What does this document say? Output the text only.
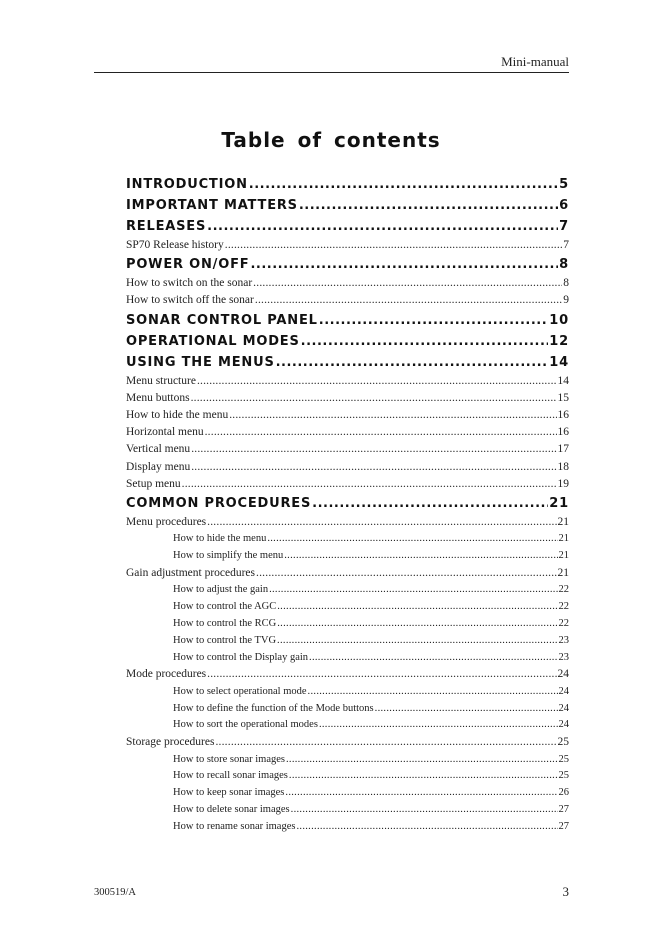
Mini-manual
Table of contents
INTRODUCTION .....	5
IMPORTANT MATTERS .....	6
RELEASES .....	7
SP70 Release history .....	7
POWER ON/OFF .....	8
How to switch on the sonar .....	8
How to switch off the sonar .....	9
SONAR CONTROL PANEL .....	10
OPERATIONAL MODES .....	12
USING THE MENUS .....	14
Menu structure .....	14
Menu buttons .....	15
How to hide the menu .....	16
Horizontal menu .....	16
Vertical menu .....	17
Display menu .....	18
Setup menu .....	19
COMMON PROCEDURES .....	21
Menu procedures .....	21
How to hide the menu .....	21
How to simplify the menu .....	21
Gain adjustment procedures .....	21
How to adjust the gain .....	22
How to control the AGC .....	22
How to control the RCG .....	22
How to control the TVG .....	23
How to control the Display gain .....	23
Mode procedures .....	24
How to select operational mode .....	24
How to define the function of the Mode buttons .....	24
How to sort the operational modes .....	24
Storage procedures .....	25
How to store sonar images .....	25
How to recall sonar images .....	25
How to keep sonar images .....	26
How to delete sonar images .....	27
How to rename sonar images .....	27
300519/A	3
